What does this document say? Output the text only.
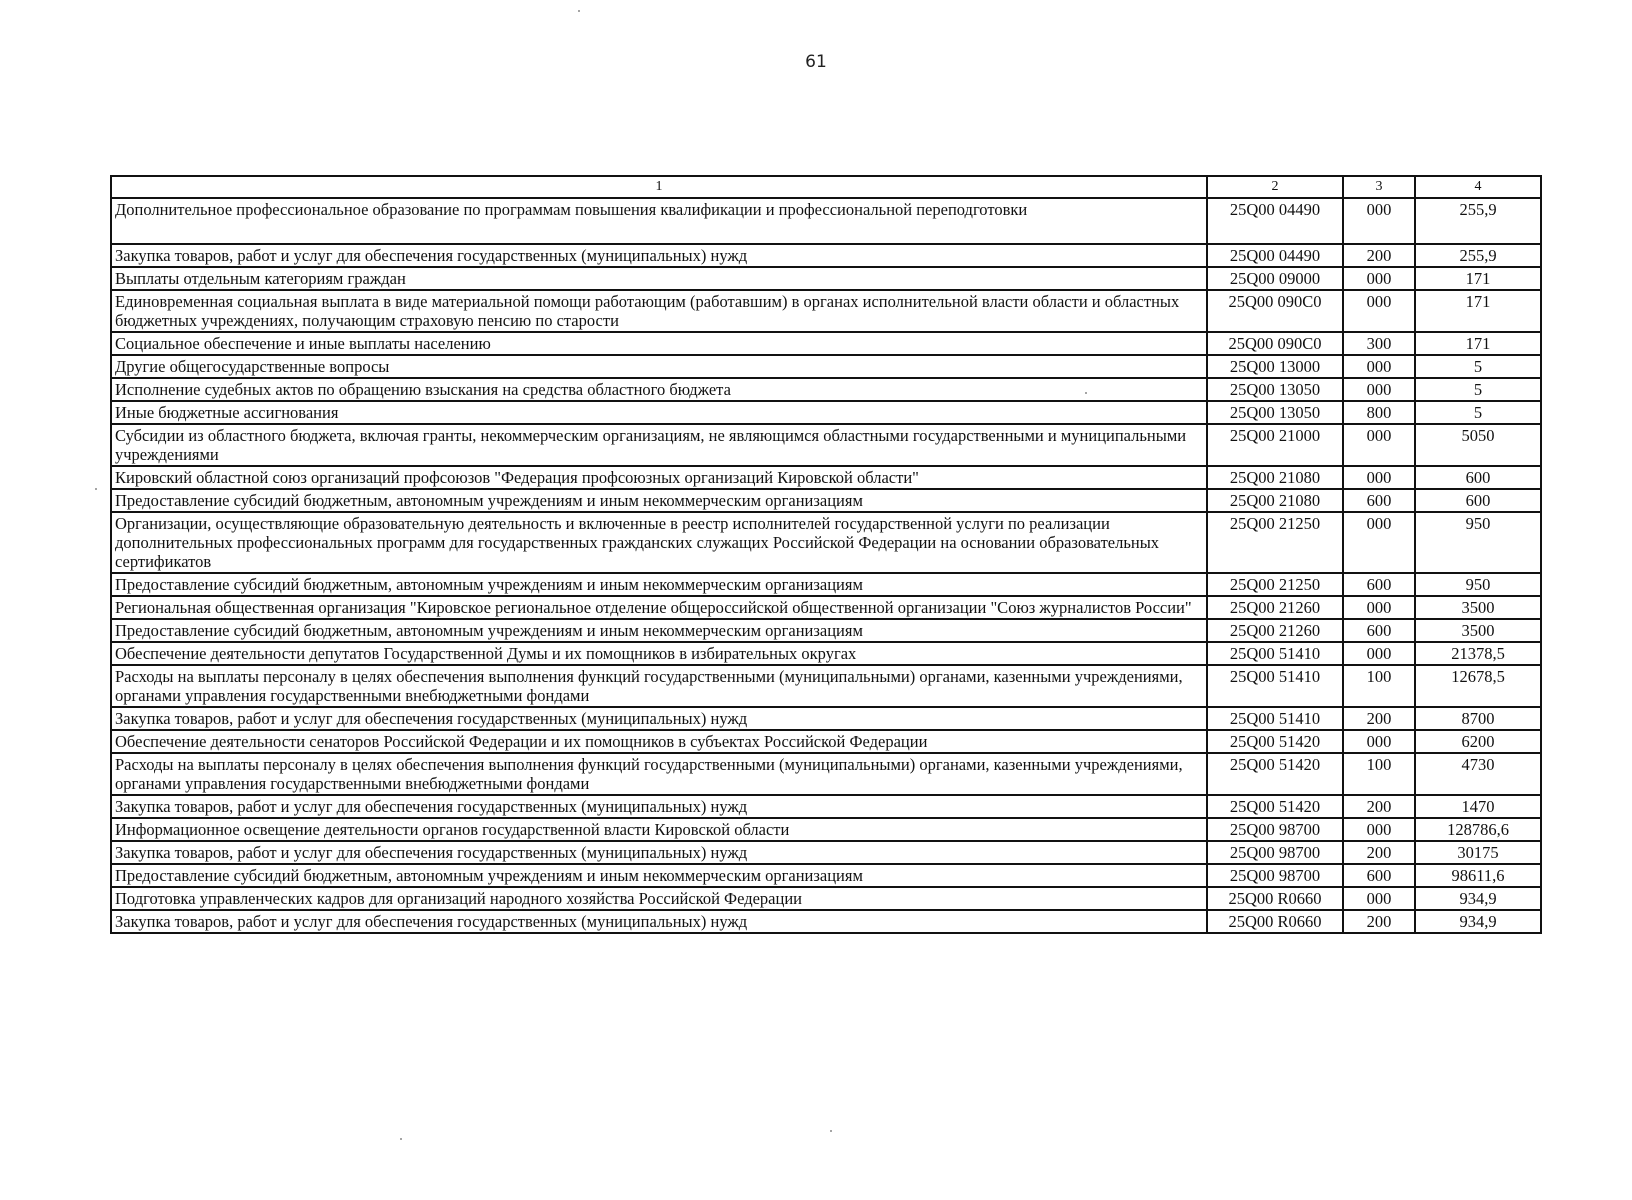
61
1	2	3	4
Дополнительное профессиональное образование по программам повышения квалификации и профессиональной переподготовки	25Q00 04490	000	255,9
Закупка товаров, работ и услуг для обеспечения государственных (муниципальных) нужд	25Q00 04490	200	255,9
Выплаты отдельным категориям граждан	25Q00 09000	000	171
Единовременная социальная выплата в виде материальной помощи работающим (работавшим) в органах исполнительной власти области и областных бюджетных учреждениях, получающим страховую пенсию по старости	25Q00 090C0	000	171
Социальное обеспечение и иные выплаты населению	25Q00 090C0	300	171
Другие общегосударственные вопросы	25Q00 13000	000	5
Исполнение судебных актов по обращению взыскания на средства областного бюджета	25Q00 13050	000	5
Иные бюджетные ассигнования	25Q00 13050	800	5
Субсидии из областного бюджета, включая гранты, некоммерческим организациям, не являющимся областными государственными и муниципальными учреждениями	25Q00 21000	000	5050
Кировский областной союз организаций профсоюзов "Федерация профсоюзных организаций Кировской области"	25Q00 21080	000	600
Предоставление субсидий бюджетным, автономным учреждениям и иным некоммерческим организациям	25Q00 21080	600	600
Организации, осуществляющие образовательную деятельность и включенные в реестр исполнителей государственной услуги по реализации дополнительных профессиональных программ для государственных гражданских служащих Российской Федерации на основании образовательных сертификатов	25Q00 21250	000	950
Предоставление субсидий бюджетным, автономным учреждениям и иным некоммерческим организациям	25Q00 21250	600	950
Региональная общественная организация "Кировское региональное отделение общероссийской общественной организации "Союз журналистов России"	25Q00 21260	000	3500
Предоставление субсидий бюджетным, автономным учреждениям и иным некоммерческим организациям	25Q00 21260	600	3500
Обеспечение деятельности депутатов Государственной Думы и их помощников в избирательных округах	25Q00 51410	000	21378,5
Расходы на выплаты персоналу в целях обеспечения выполнения функций государственными (муниципальными) органами, казенными учреждениями, органами управления государственными внебюджетными фондами	25Q00 51410	100	12678,5
Закупка товаров, работ и услуг для обеспечения государственных (муниципальных) нужд	25Q00 51410	200	8700
Обеспечение деятельности сенаторов Российской Федерации и их помощников в субъектах Российской Федерации	25Q00 51420	000	6200
Расходы на выплаты персоналу в целях обеспечения выполнения функций государственными (муниципальными) органами, казенными учреждениями, органами управления государственными внебюджетными фондами	25Q00 51420	100	4730
Закупка товаров, работ и услуг для обеспечения государственных (муниципальных) нужд	25Q00 51420	200	1470
Информационное освещение деятельности органов государственной власти Кировской области	25Q00 98700	000	128786,6
Закупка товаров, работ и услуг для обеспечения государственных (муниципальных) нужд	25Q00 98700	200	30175
Предоставление субсидий бюджетным, автономным учреждениям и иным некоммерческим организациям	25Q00 98700	600	98611,6
Подготовка управленческих кадров для организаций народного хозяйства Российской Федерации	25Q00 R0660	000	934,9
Закупка товаров, работ и услуг для обеспечения государственных (муниципальных) нужд	25Q00 R0660	200	934,9
